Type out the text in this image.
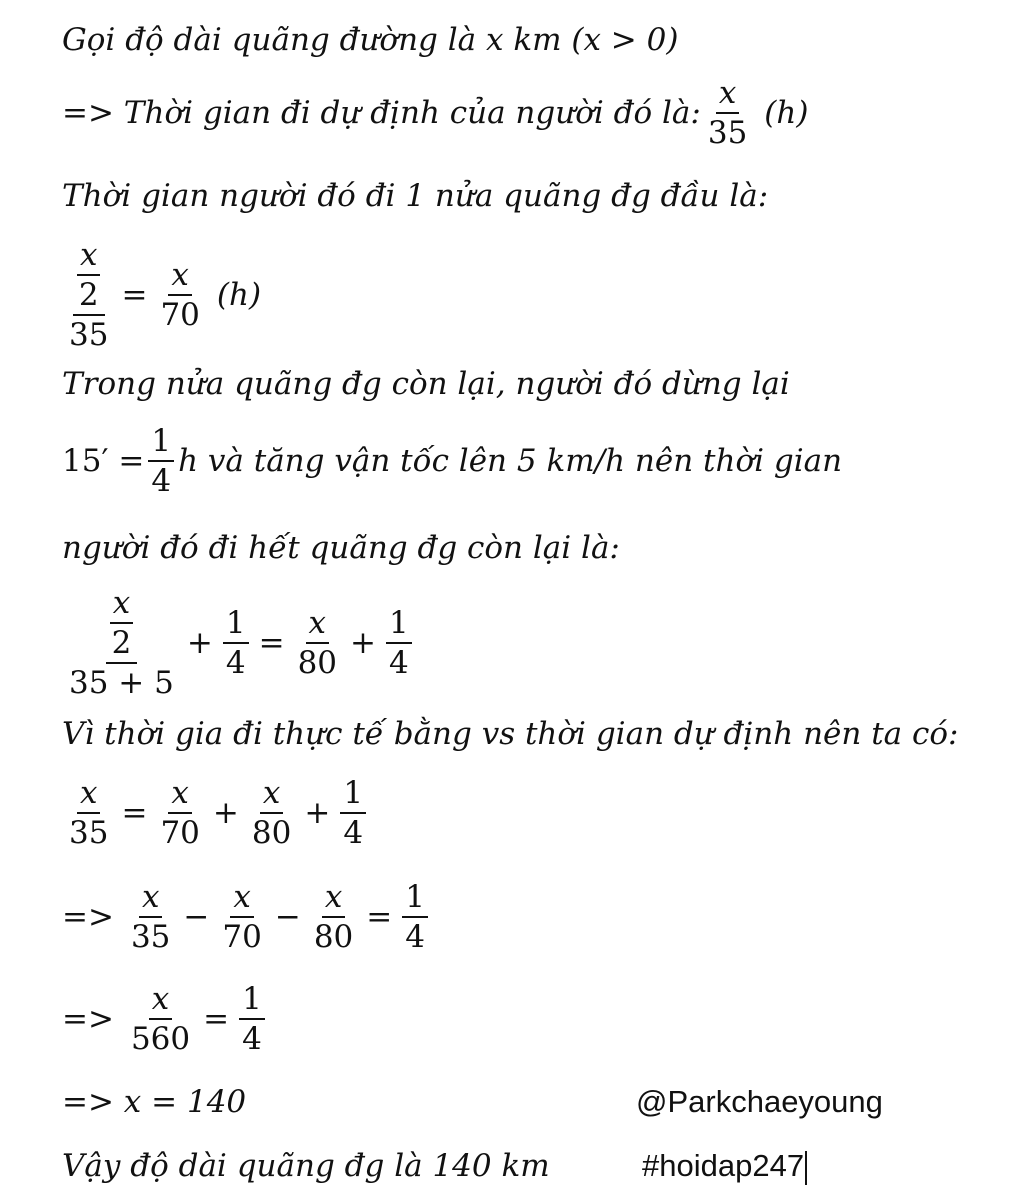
Gọi độ dài quãng đường là x km (x > 0)
=> Thời gian đi dự định của người đó là: $\frac{x}{35} (h)$
Thời gian người đó đi 1 nửa quãng đg đầu là:
$\frac{\frac{x}{2}}{35} = \frac{x}{70} (h)$
Trong nửa quãng đg còn lại, người đó dừng lại
$15' = \frac{1}{4}$ h và tăng vận tốc lên 5 km/h nên thời gian
người đó đi hết quãng đg còn lại là:
$\frac{\frac{x}{2}}{35 + 5} + \frac{1}{4} = \frac{x}{80} + \frac{1}{4}$
Vì thời gia đi thực tế bằng vs thời gian dự định nên ta có:
$\frac{x}{35} = \frac{x}{70} + \frac{x}{80} + \frac{1}{4}$
=> $\frac{x}{35} - \frac{x}{70} - \frac{x}{80} = \frac{1}{4}$
=> $\frac{x}{560} = \frac{1}{4}$
=> x = 140	@Parkchaeyoung
Vậy độ dài quãng đg là 140 km	#hoidap247
